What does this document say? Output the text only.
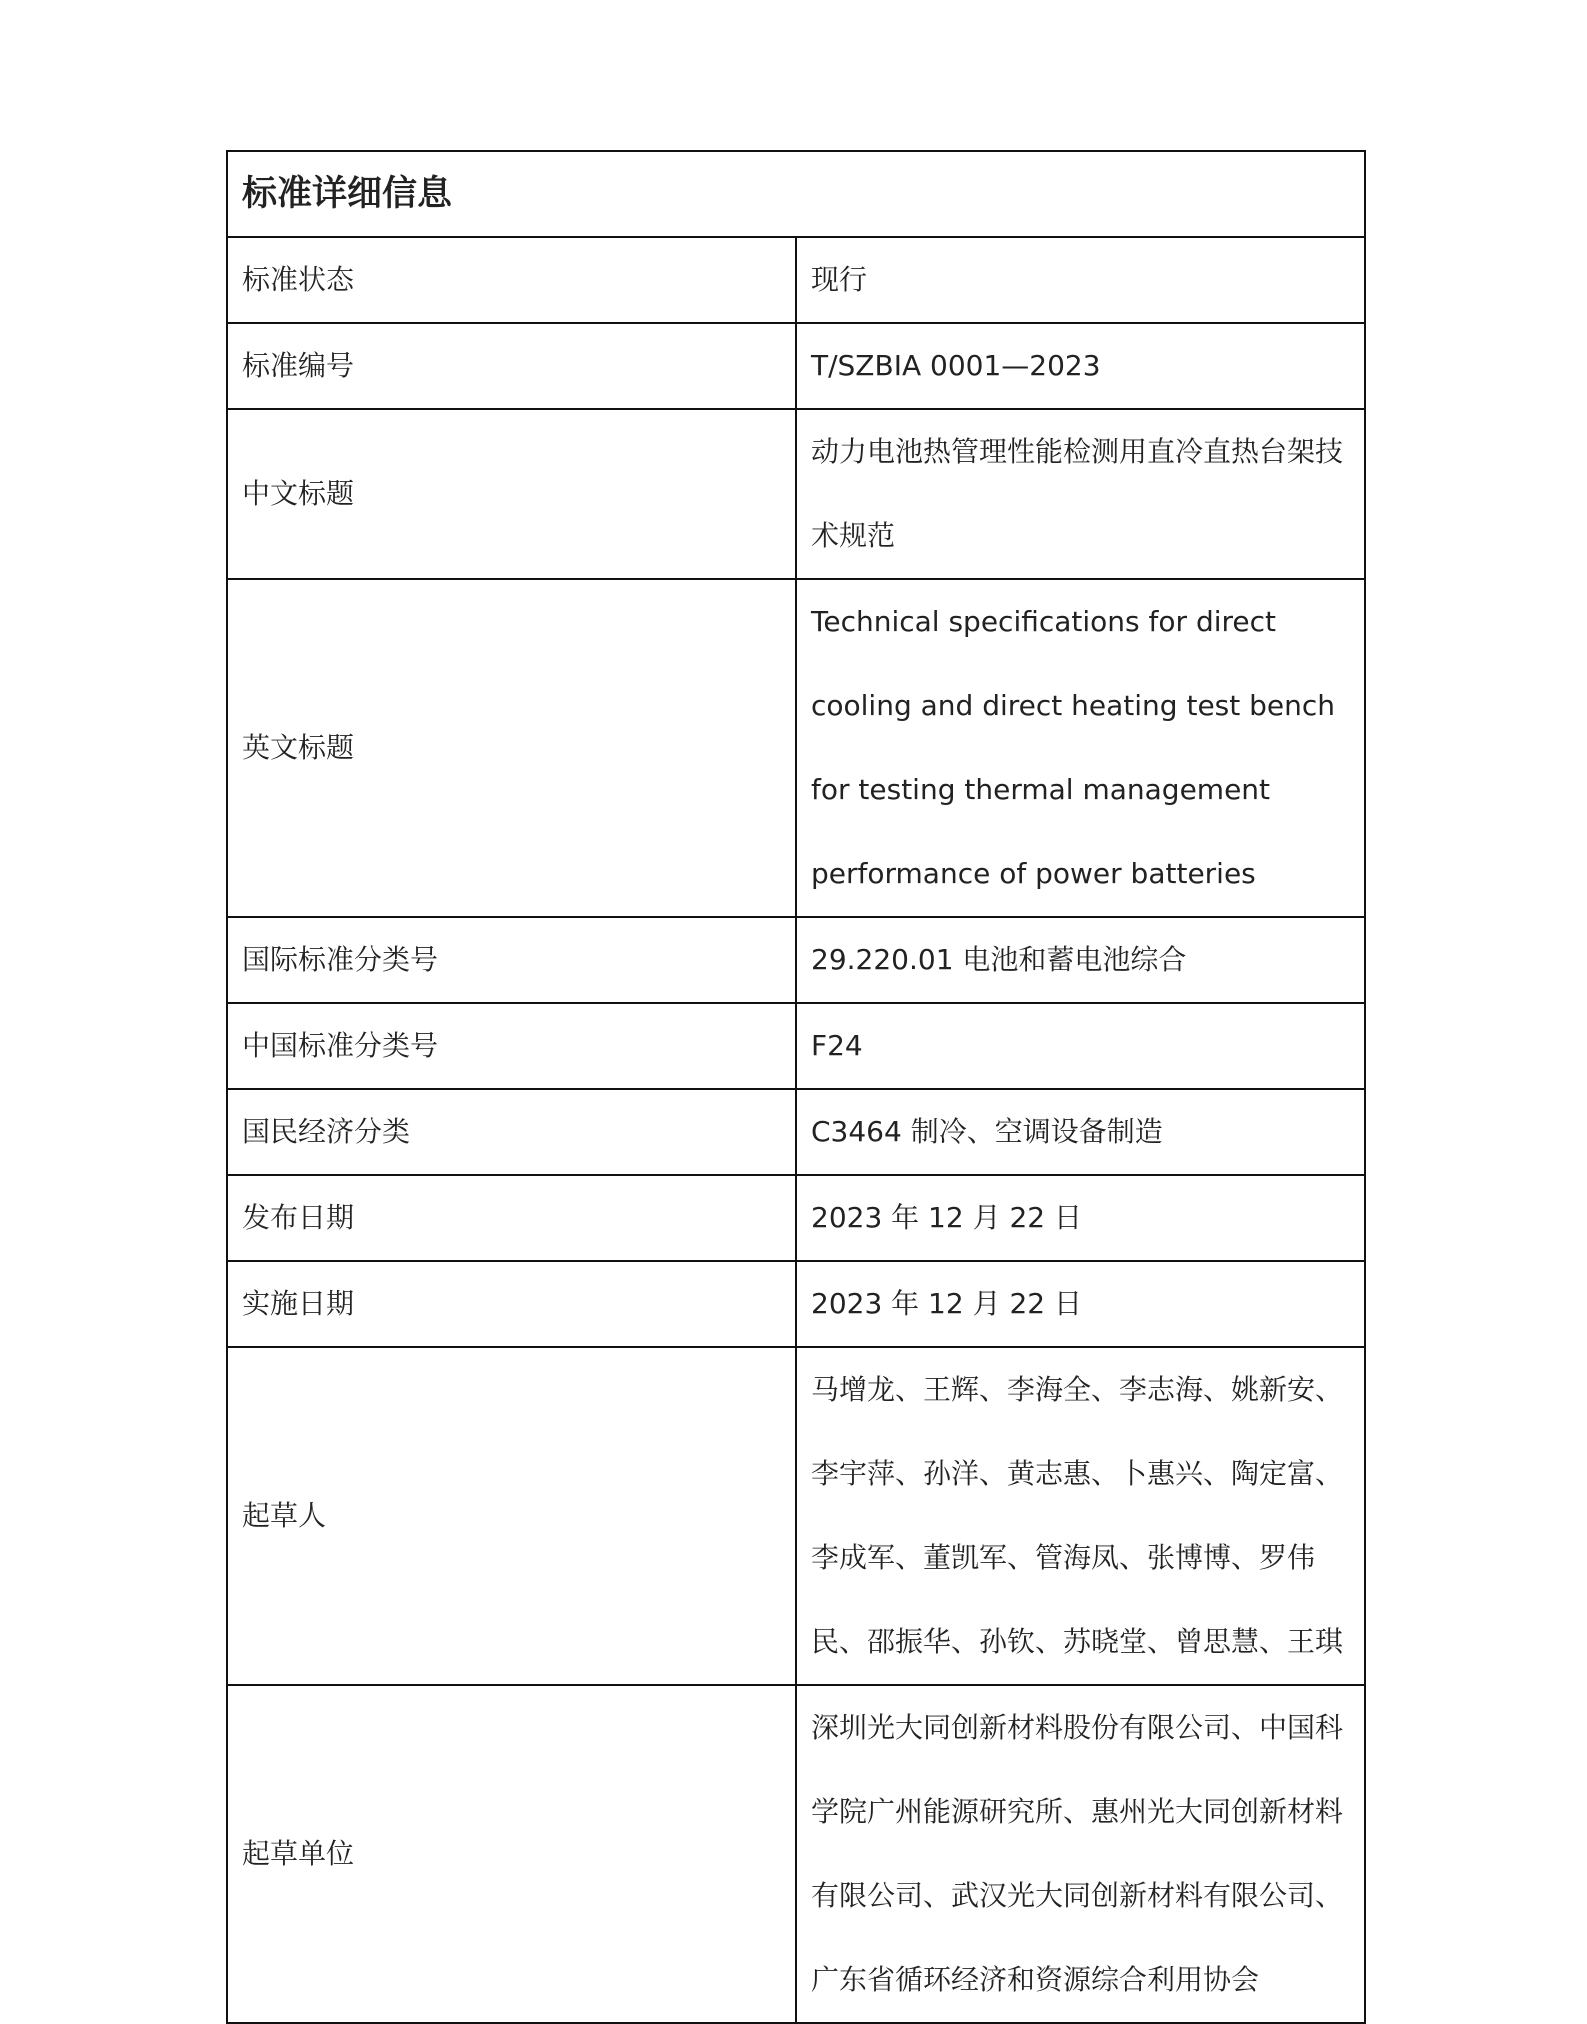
标准详细信息	
标准状态	现行
标准编号	T/SZBIA 0001—2023
中文标题	动力电池热管理性能检测用直冷直热台架技术规范
英文标题	Technical specifications for direct cooling and direct heating test bench for testing thermal management performance of power batteries
国际标准分类号	29.220.01 电池和蓄电池综合
中国标准分类号	F24
国民经济分类	C3464 制冷、空调设备制造
发布日期	2023 年 12 月 22 日
实施日期	2023 年 12 月 22 日
起草人	马增龙、王辉、李海全、李志海、姚新安、李宇萍、孙洋、黄志惠、卜惠兴、陶定富、李成军、董凯军、管海凤、张博博、罗伟民、邵振华、孙钦、苏晓堂、曾思慧、王琪
起草单位	深圳光大同创新材料股份有限公司、中国科学院广州能源研究所、惠州光大同创新材料有限公司、武汉光大同创新材料有限公司、广东省循环经济和资源综合利用协会
